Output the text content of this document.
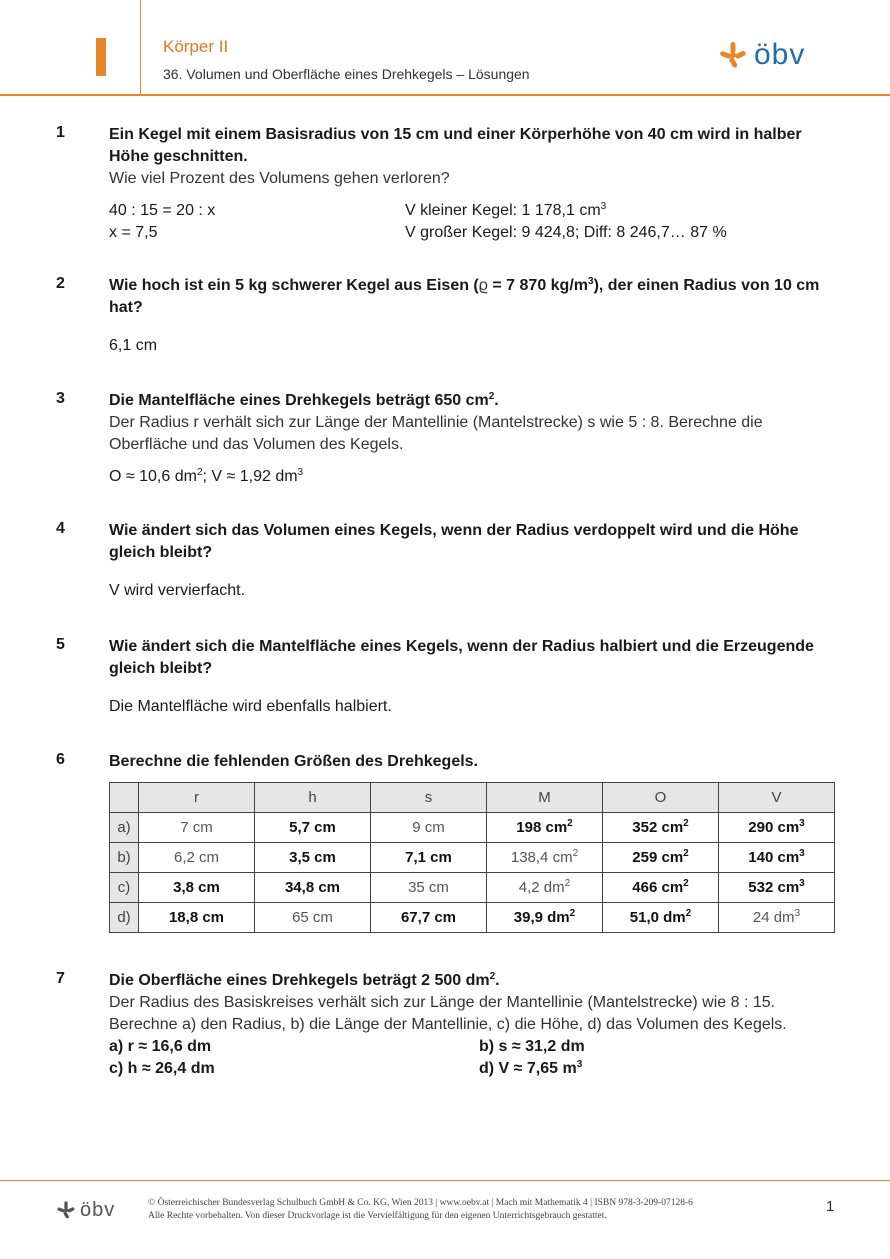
Körper II
36. Volumen und Oberfläche eines Drehkegels – Lösungen
öbv
1	Ein Kegel mit einem Basisradius von 15 cm und einer Körperhöhe von 40 cm wird in halber Höhe geschnitten.
Wie viel Prozent des Volumens gehen verloren?
40 : 15 = 20 : x
x = 7,5
V kleiner Kegel: 1 178,1 $cm^3$
V großer Kegel: 9 424,8; Diff: 8 246,7… 87 %
2	Wie hoch ist ein 5 kg schwerer Kegel aus Eisen (ϱ = 7 870 $kg/m^3$), der einen Radius von 10 cm hat?
6,1 cm
3	Die Mantelfläche eines Drehkegels beträgt 650 $cm^2$.
Der Radius r verhält sich zur Länge der Mantellinie (Mantelstrecke) s wie 5 : 8. Berechne die Oberfläche und das Volumen des Kegels.
O ≈ 10,6 $dm^2$; V ≈ 1,92 $dm^3$
4	Wie ändert sich das Volumen eines Kegels, wenn der Radius verdoppelt wird und die Höhe gleich bleibt?
V wird vervierfacht.
5	Wie ändert sich die Mantelfläche eines Kegels, wenn der Radius halbiert und die Erzeugende gleich bleibt?
Die Mantelfläche wird ebenfalls halbiert.
6	Berechne die fehlenden Größen des Drehkegels.
	r	h	s	M	O	V
a)	7 cm	5,7 cm	9 cm	198 $cm^2$	352 $cm^2$	290 $cm^3$
b)	6,2 cm	3,5 cm	7,1 cm	138,4 $cm^2$	259 $cm^2$	140 $cm^3$
c)	3,8 cm	34,8 cm	35 cm	4,2 $dm^2$	466 $cm^2$	532 $cm^3$
d)	18,8 cm	65 cm	67,7 cm	39,9 $dm^2$	51,0 $dm^2$	24 $dm^3$
7	Die Oberfläche eines Drehkegels beträgt 2 500 $dm^2$.
Der Radius des Basiskreises verhält sich zur Länge der Mantellinie (Mantelstrecke) wie 8 : 15.
Berechne a) den Radius, b) die Länge der Mantellinie, c) die Höhe, d) das Volumen des Kegels.
a) r ≈ 16,6 dm	b) s ≈ 31,2 dm
c) h ≈ 26,4 dm	d) V ≈ 7,65 $m^3$
öbv	© Österreichischer Bundesverlag Schulbuch GmbH & Co. KG, Wien 2013 | www.oebv.at | Mach mit Mathematik 4 | ISBN 978-3-209-07128-6
Alle Rechte vorbehalten. Von dieser Druckvorlage ist die Vervielfältigung für den eigenen Unterrichtsgebrauch gestattet.
1
